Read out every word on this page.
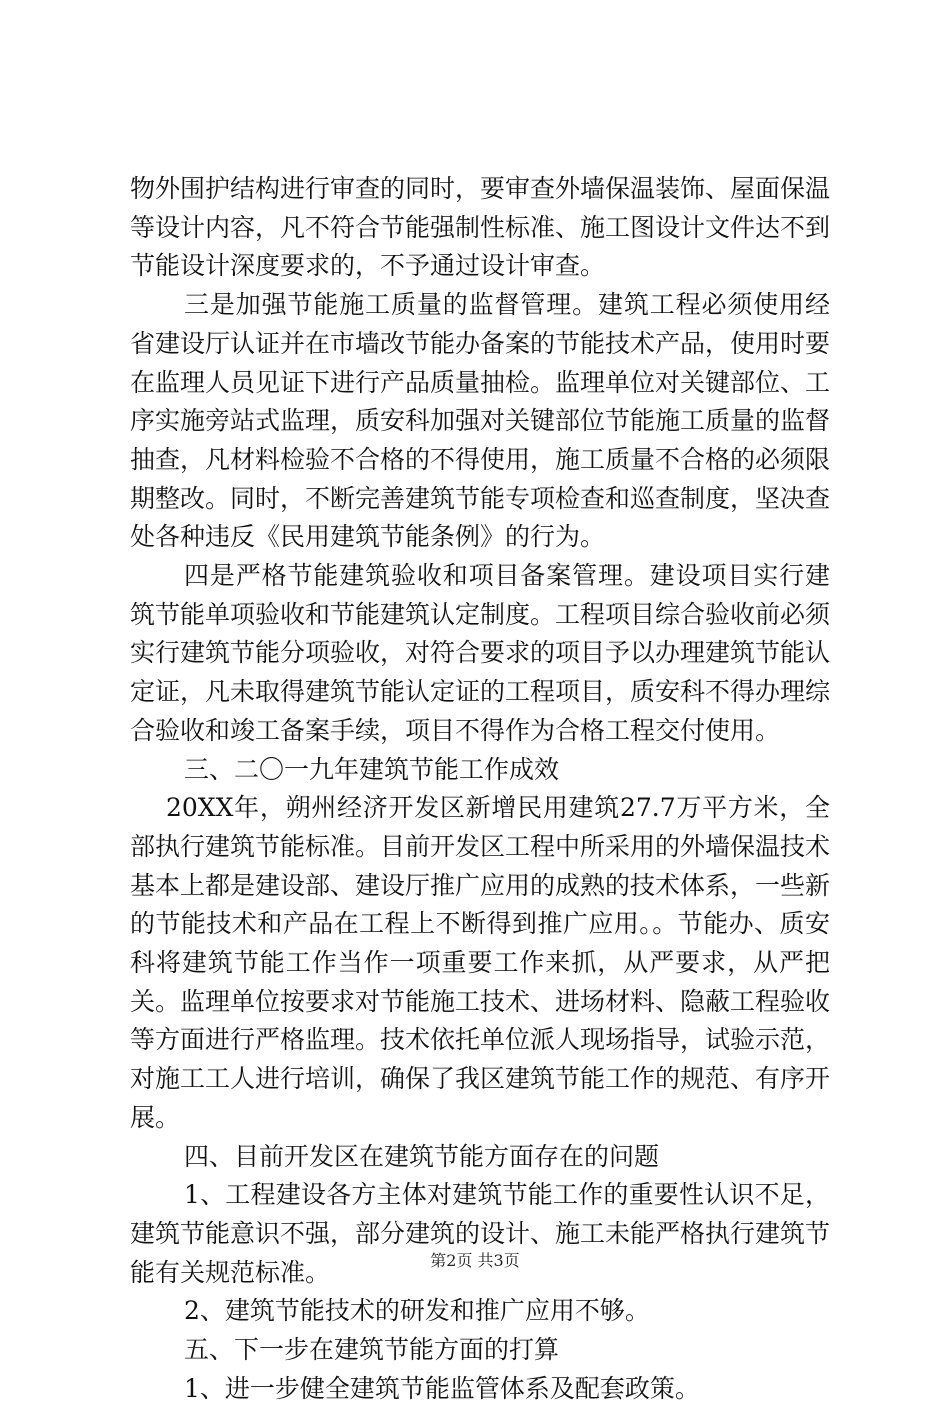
物外围护结构进行审查的同时，要审查外墙保温装饰、屋面保温等设计内容，凡不符合节能强制性标准、施工图设计文件达不到节能设计深度要求的，不予通过设计审查。

三是加强节能施工质量的监督管理。建筑工程必须使用经省建设厅认证并在市墙改节能办备案的节能技术产品，使用时要在监理人员见证下进行产品质量抽检。监理单位对关键部位、工序实施旁站式监理，质安科加强对关键部位节能施工质量的监督抽查，凡材料检验不合格的不得使用，施工质量不合格的必须限期整改。同时，不断完善建筑节能专项检查和巡查制度，坚决查处各种违反《民用建筑节能条例》的行为。

四是严格节能建筑验收和项目备案管理。建设项目实行建筑节能单项验收和节能建筑认定制度。工程项目综合验收前必须实行建筑节能分项验收，对符合要求的项目予以办理建筑节能认定证，凡未取得建筑节能认定证的工程项目，质安科不得办理综合验收和竣工备案手续，项目不得作为合格工程交付使用。

三、二〇一九年建筑节能工作成效

20XX年，朔州经济开发区新增民用建筑27.7万平方米，全部执行建筑节能标准。目前开发区工程中所采用的外墙保温技术基本上都是建设部、建设厅推广应用的成熟的技术体系，一些新的节能技术和产品在工程上不断得到推广应用。。节能办、质安科将建筑节能工作当作一项重要工作来抓，从严要求，从严把关。监理单位按要求对节能施工技术、进场材料、隐蔽工程验收等方面进行严格监理。技术依托单位派人现场指导，试验示范，对施工工人进行培训，确保了我区建筑节能工作的规范、有序开展。

四、目前开发区在建筑节能方面存在的问题

1、工程建设各方主体对建筑节能工作的重要性认识不足，建筑节能意识不强，部分建筑的设计、施工未能严格执行建筑节能有关规范标准。

2、建筑节能技术的研发和推广应用不够。

五、下一步在建筑节能方面的打算

1、进一步健全建筑节能监管体系及配套政策。

第2页 共3页
